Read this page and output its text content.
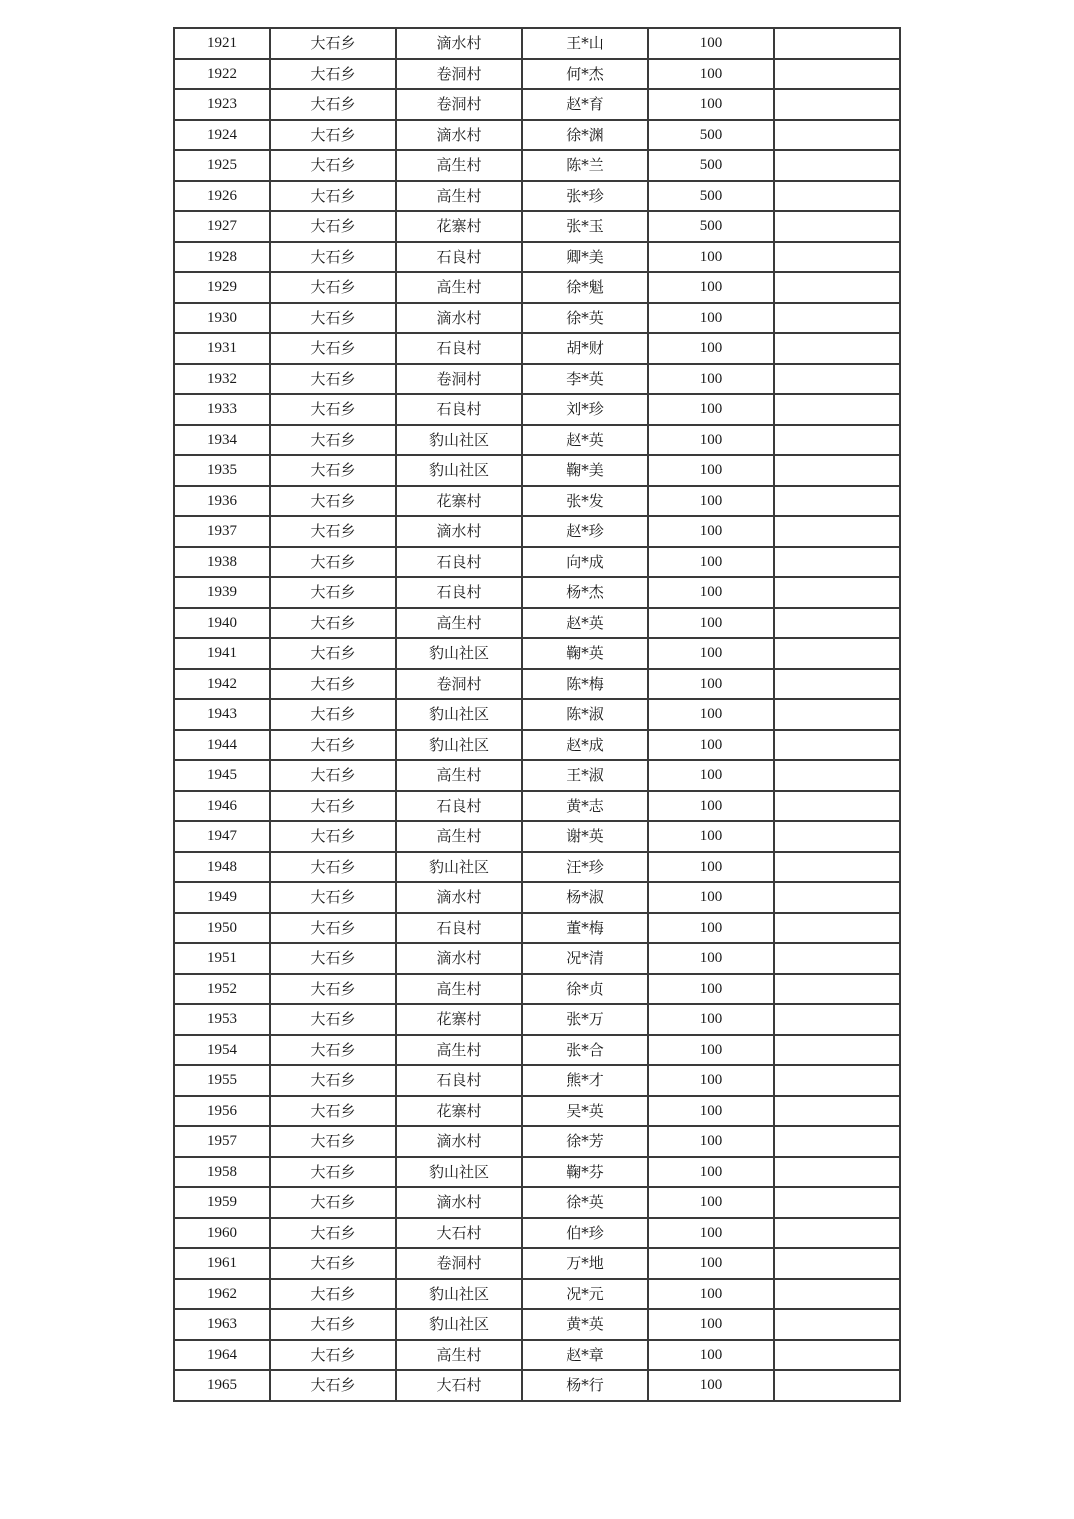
1921	大石乡	滴水村	王*山	100	
1922	大石乡	卷洞村	何*杰	100	
1923	大石乡	卷洞村	赵*育	100	
1924	大石乡	滴水村	徐*渊	500	
1925	大石乡	高生村	陈*兰	500	
1926	大石乡	高生村	张*珍	500	
1927	大石乡	花寨村	张*玉	500	
1928	大石乡	石良村	卿*美	100	
1929	大石乡	高生村	徐*魁	100	
1930	大石乡	滴水村	徐*英	100	
1931	大石乡	石良村	胡*财	100	
1932	大石乡	卷洞村	李*英	100	
1933	大石乡	石良村	刘*珍	100	
1934	大石乡	豹山社区	赵*英	100	
1935	大石乡	豹山社区	鞠*美	100	
1936	大石乡	花寨村	张*发	100	
1937	大石乡	滴水村	赵*珍	100	
1938	大石乡	石良村	向*成	100	
1939	大石乡	石良村	杨*杰	100	
1940	大石乡	高生村	赵*英	100	
1941	大石乡	豹山社区	鞠*英	100	
1942	大石乡	卷洞村	陈*梅	100	
1943	大石乡	豹山社区	陈*淑	100	
1944	大石乡	豹山社区	赵*成	100	
1945	大石乡	高生村	王*淑	100	
1946	大石乡	石良村	黄*志	100	
1947	大石乡	高生村	谢*英	100	
1948	大石乡	豹山社区	汪*珍	100	
1949	大石乡	滴水村	杨*淑	100	
1950	大石乡	石良村	董*梅	100	
1951	大石乡	滴水村	况*清	100	
1952	大石乡	高生村	徐*贞	100	
1953	大石乡	花寨村	张*万	100	
1954	大石乡	高生村	张*合	100	
1955	大石乡	石良村	熊*才	100	
1956	大石乡	花寨村	吴*英	100	
1957	大石乡	滴水村	徐*芳	100	
1958	大石乡	豹山社区	鞠*芬	100	
1959	大石乡	滴水村	徐*英	100	
1960	大石乡	大石村	伯*珍	100	
1961	大石乡	卷洞村	万*地	100	
1962	大石乡	豹山社区	况*元	100	
1963	大石乡	豹山社区	黄*英	100	
1964	大石乡	高生村	赵*章	100	
1965	大石乡	大石村	杨*行	100	
